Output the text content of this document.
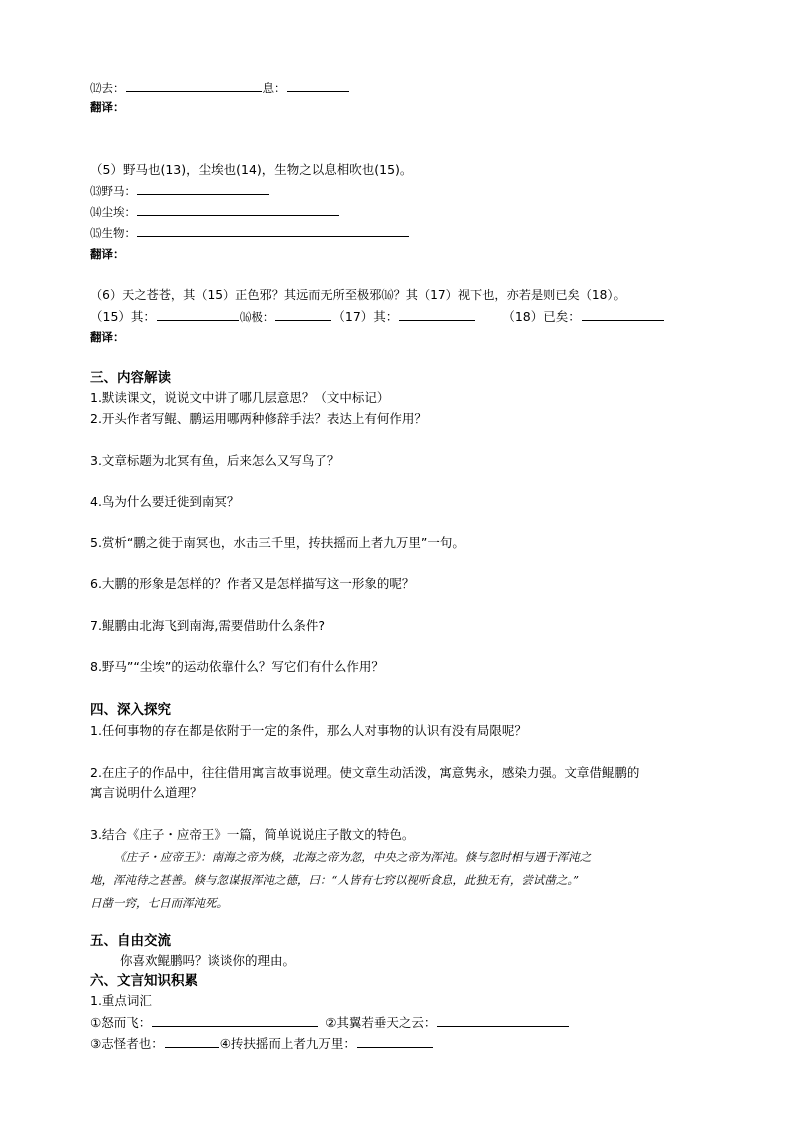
⑿去：	息：
翻译：
（5）野马也(13)，尘埃也(14)，生物之以息相吹也(15)。
⒀野马：
⒁尘埃：
⒂生物：
翻译：
（6）天之苍苍，其（15）正色邪？其远而无所至极邪⒃？其（17）视下也，亦若是则已矣（18）。
（15）其：	⒃极：	（17）其：	（18）已矣：
翻译：
三、内容解读
1.默读课文，说说文中讲了哪几层意思？（文中标记）
2.开头作者写鲲、鹏运用哪两种修辞手法？表达上有何作用？
3.文章标题为北冥有鱼，后来怎么又写鸟了？
4.鸟为什么要迁徙到南冥？
5.赏析“鹏之徙于南冥也，水击三千里，抟扶摇而上者九万里”一句。
6.大鹏的形象是怎样的？作者又是怎样描写这一形象的呢？
7.鲲鹏由北海飞到南海,需要借助什么条件?
8.野马”“尘埃”的运动依靠什么？写它们有什么作用？
四、深入探究
1.任何事物的存在都是依附于一定的条件，那么人对事物的认识有没有局限呢？
2.在庄子的作品中，往往借用寓言故事说理。使文章生动活泼，寓意隽永，感染力强。文章借鲲鹏的
寓言说明什么道理？
3.结合《庄子・应帝王》一篇，简单说说庄子散文的特色。
《庄子・应帝王》：南海之帝为倏，北海之帝为忽，中央之帝为浑沌。倏与忽时相与遇于浑沌之
地，浑沌待之甚善。倏与忽谋报浑沌之德，曰：“人皆有七窍以视听食息，此独无有，尝试凿之。”
日凿一窍，七日而浑沌死。
五、自由交流
你喜欢鲲鹏吗？谈谈你的理由。
六、文言知识积累
1.重点词汇
①怒而飞：	②其翼若垂天之云：
③志怪者也：	④抟扶摇而上者九万里：
